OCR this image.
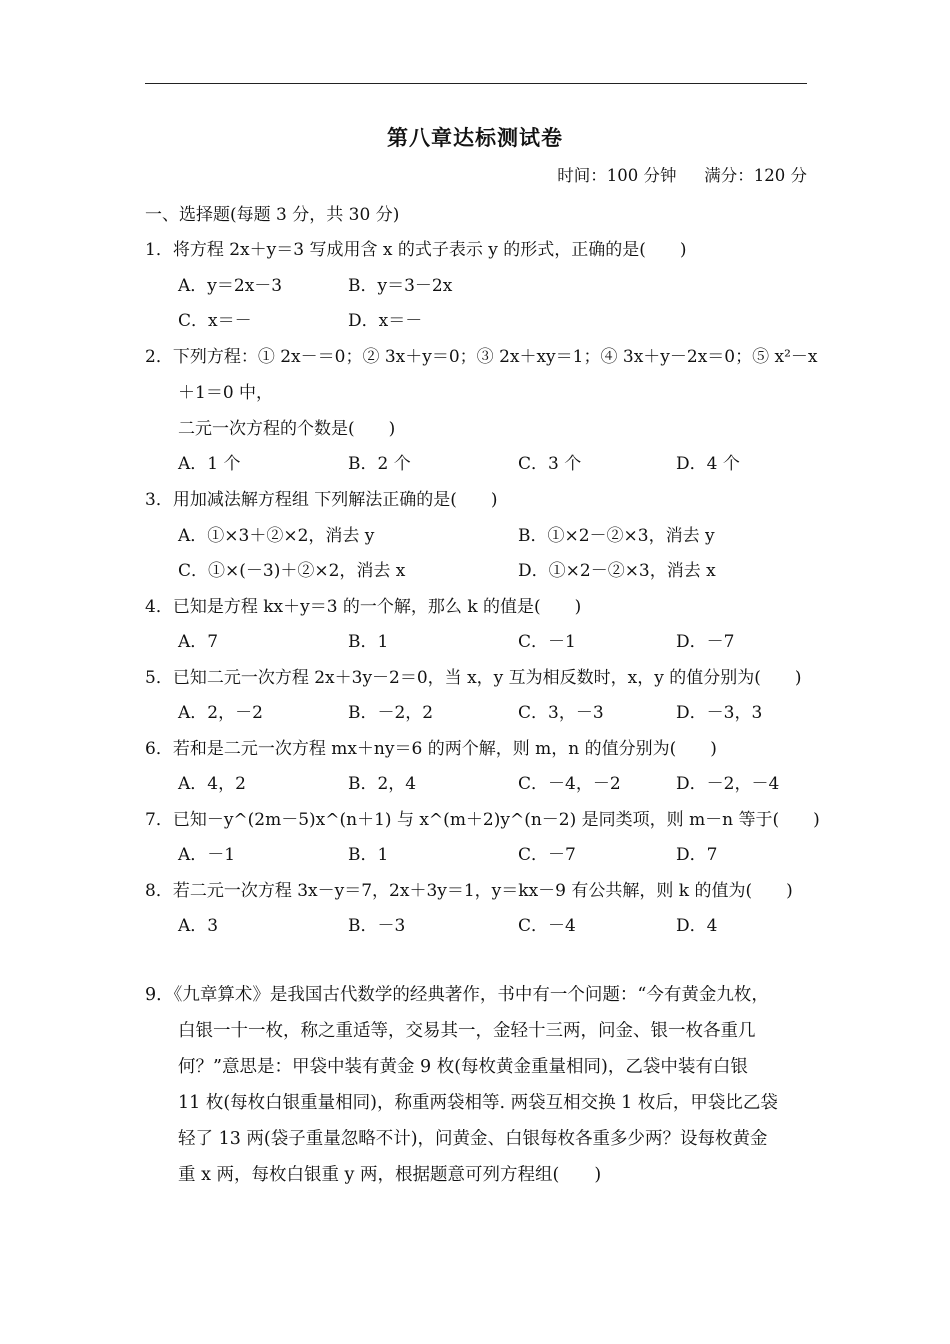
第八章达标测试卷
时间：100 分钟　 满分：120 分
一、选择题(每题 3 分，共 30 分)
1．将方程 2x＋y＝3 写成用含 x 的式子表示 y 的形式，正确的是(　　)
A．y＝2x－3	B．y＝3－2x
C．x＝－	D．x＝－
2．下列方程：① 2x－＝0；② 3x＋y＝0；③ 2x＋xy＝1；④ 3x＋y－2x＝0；⑤ x²－x
＋1＝0 中，
二元一次方程的个数是(　　)
A．1 个	B．2 个	C．3 个	D．4 个
3．用加减法解方程组 下列解法正确的是(　　)
A．①×3＋②×2，消去 y	B．①×2－②×3，消去 y
C．①×(－3)＋②×2，消去 x	D．①×2－②×3，消去 x
4．已知是方程 kx＋y＝3 的一个解，那么 k 的值是(　　)
A．7	B．1	C．－1	D．－7
5．已知二元一次方程 2x＋3y－2＝0，当 x，y 互为相反数时，x，y 的值分别为(　　)
A．2，－2	B．－2，2	C．3，－3	D．－3，3
6．若和是二元一次方程 mx＋ny＝6 的两个解，则 m，n 的值分别为(　　)
A．4，2	B．2，4	C．－4，－2	D．－2，－4
7．已知－y^(2m－5)x^(n＋1) 与 x^(m＋2)y^(n－2) 是同类项，则 m－n 等于(　　)
A．－1	B．1	C．－7	D．7
8．若二元一次方程 3x－y＝7，2x＋3y＝1，y＝kx－9 有公共解，则 k 的值为(　　)
A．3	B．－3	C．－4	D．4
9．《九章算术》是我国古代数学的经典著作，书中有一个问题：“今有黄金九枚，
白银一十一枚，称之重适等，交易其一，金轻十三两，问金、银一枚各重几
何？”意思是：甲袋中装有黄金 9 枚(每枚黄金重量相同)，乙袋中装有白银
11 枚(每枚白银重量相同)，称重两袋相等. 两袋互相交换 1 枚后，甲袋比乙袋
轻了 13 两(袋子重量忽略不计)，问黄金、白银每枚各重多少两？设每枚黄金
重 x 两，每枚白银重 y 两，根据题意可列方程组(　　)
